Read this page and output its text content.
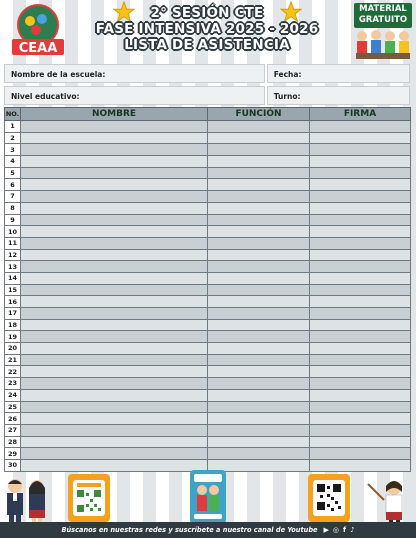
CEAA
2° SESIÓN CTE
FASE INTENSIVA 2025 - 2026
LISTA DE ASISTENCIA
MATERIAL
GRATUITO
Nombre de la escuela:	Fecha:
Nivel educativo:	Turno:
NO.	NOMBRE	FUNCIÓN	FIRMA
1			
2			
3			
4			
5			
6			
7			
8			
9			
10			
11			
12			
13			
14			
15			
16			
17			
18			
19			
20			
21			
22			
23			
24			
25			
26			
27			
28			
29			
30			
Búscanos en nuestras redes y suscríbete a nuestro canal de Youtube ▶ ◎ f ♪
